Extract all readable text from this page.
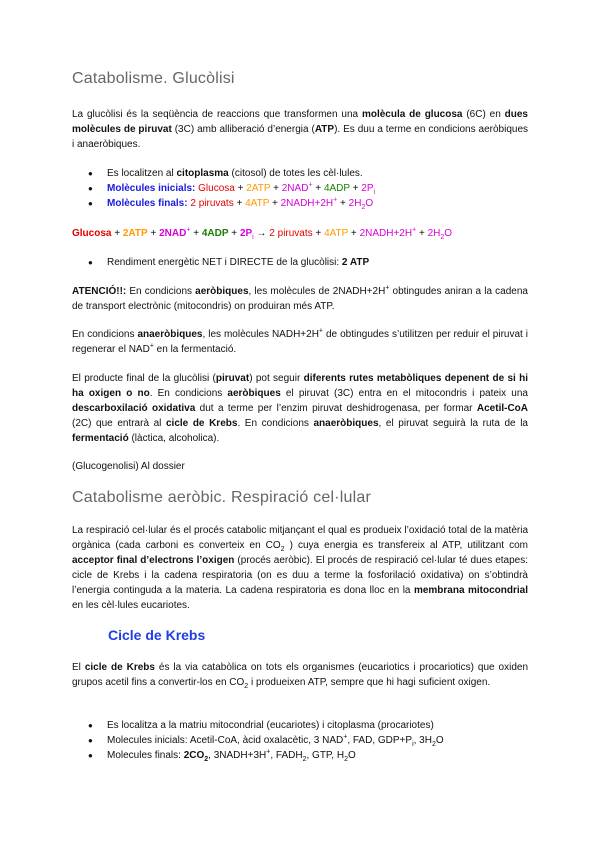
Catabolisme. Glucòlisi
La glucòlisi és la seqüència de reaccions que transformen una molècula de glucosa (6C) en dues molècules de piruvat (3C) amb alliberació d’energia (ATP). Es duu a terme en condicions aeròbiques i anaeròbiques.
● Es localitzen al citoplasma (citosol) de totes les cèl·lules.
● Molècules inicials: $Glucosa + 2ATP + 2NAD^+ + 4ADP + 2P_i$
● Molècules finals: 2 piruvats + 4ATP + 2NADH+2H+ + $2H_2O$
$Glucosa + 2ATP + 2NAD^+ + 4ADP + 2P_i \to 2$ piruvats + 4ATP + 2NADH+2H+ + $2H_2O$
● Rendiment energètic NET i DIRECTE de la glucòlisi: 2 ATP
ATENCIÓ!!: En condicions aeròbiques, les molècules de 2NADH+2H+ obtingudes aniran a la cadena de transport electrònic (mitocondris) on produiran més ATP.
En condicions anaeròbiques, les molècules NADH+2H+ de obtingudes s’utilitzen per reduir el piruvat i regenerar el NAD+ en la fermentació.
El producte final de la glucòlisi (piruvat) pot seguir diferents rutes metabòliques depenent de si hi ha oxigen o no. En condicions aeròbiques el piruvat (3C) entra en el mitocondris i pateix una descarboxilació oxidativa dut a terme per l’enzim piruvat deshidrogenasa, per formar Acetil-CoA (2C) que entrarà al cicle de Krebs. En condicions anaeròbiques, el piruvat seguirà la ruta de la fermentació (làctica, alcoholica).
(Glucogenolisi) Al dossier
Catabolisme aeròbic. Respiració cel·lular
La respiració cel·lular és el procés catabolic mitjançant el qual es produeix l’oxidació total de la matèria orgànica (cada carboni es converteix en $CO_2$ ) cuya energia es transfereix al ATP, utilitzant com acceptor final d’electrons l’oxigen (procés aeròbic). El procés de respiració cel·lular té dues etapes: cicle de Krebs i la cadena respiratoria (on es duu a terme la fosforilació oxidativa) on s’obtindrà l’energia continguda a la materia. La cadena respiratoria es dona lloc en la membrana mitocondrial en les cèl·lules eucariotes.
Cicle de Krebs
El cicle de Krebs és la via catabòlica on tots els organismes (eucariotics i procariotics) que oxiden grupos acetil fins a convertir-los en $CO_2$ i produeixen ATP, sempre que hi hagi suficient oxigen.
● Es localitza a la matriu mitocondrial (eucariotes) i citoplasma (procariotes)
● Molecules inicials: Acetil-CoA, àcid oxalacètic, 3 NAD+, FAD, $GDP+P_i$, $3H_2O$
● Molecules finals: $2CO_2$, 3NADH+3H+, $FADH_2$, GTP, $H_2O$
